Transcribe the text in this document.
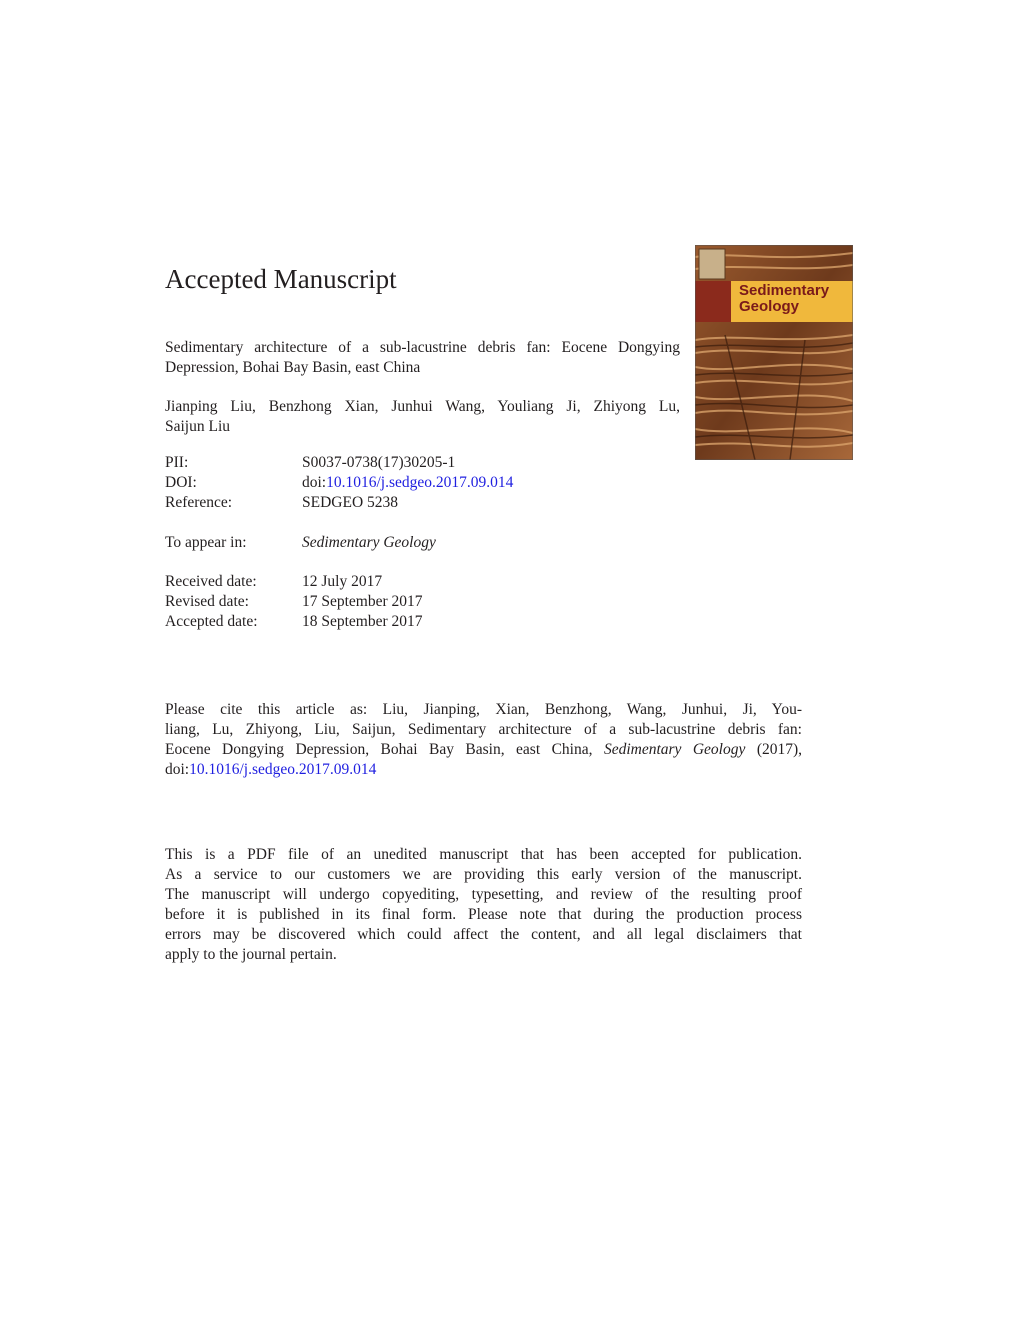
Accepted Manuscript
Sedimentary architecture of a sub-lacustrine debris fan: Eocene Dongying
Depression, Bohai Bay Basin, east China
Jianping Liu, Benzhong Xian, Junhui Wang, Youliang Ji, Zhiyong Lu,
Saijun Liu
PII:	S0037-0738(17)30205-1
DOI:	doi:10.1016/j.sedgeo.2017.09.014
Reference:	SEDGEO 5238
To appear in:	Sedimentary Geology
Received date:	12 July 2017
Revised date:	17 September 2017
Accepted date:	18 September 2017
Sedimentary
Geology
Please cite this article as: Liu, Jianping, Xian, Benzhong, Wang, Junhui, Ji, You-
liang, Lu, Zhiyong, Liu, Saijun, Sedimentary architecture of a sub-lacustrine debris fan:
Eocene Dongying Depression, Bohai Bay Basin, east China, Sedimentary Geology (2017),
doi:10.1016/j.sedgeo.2017.09.014
This is a PDF file of an unedited manuscript that has been accepted for publication.
As a service to our customers we are providing this early version of the manuscript.
The manuscript will undergo copyediting, typesetting, and review of the resulting proof
before it is published in its final form. Please note that during the production process
errors may be discovered which could affect the content, and all legal disclaimers that
apply to the journal pertain.
